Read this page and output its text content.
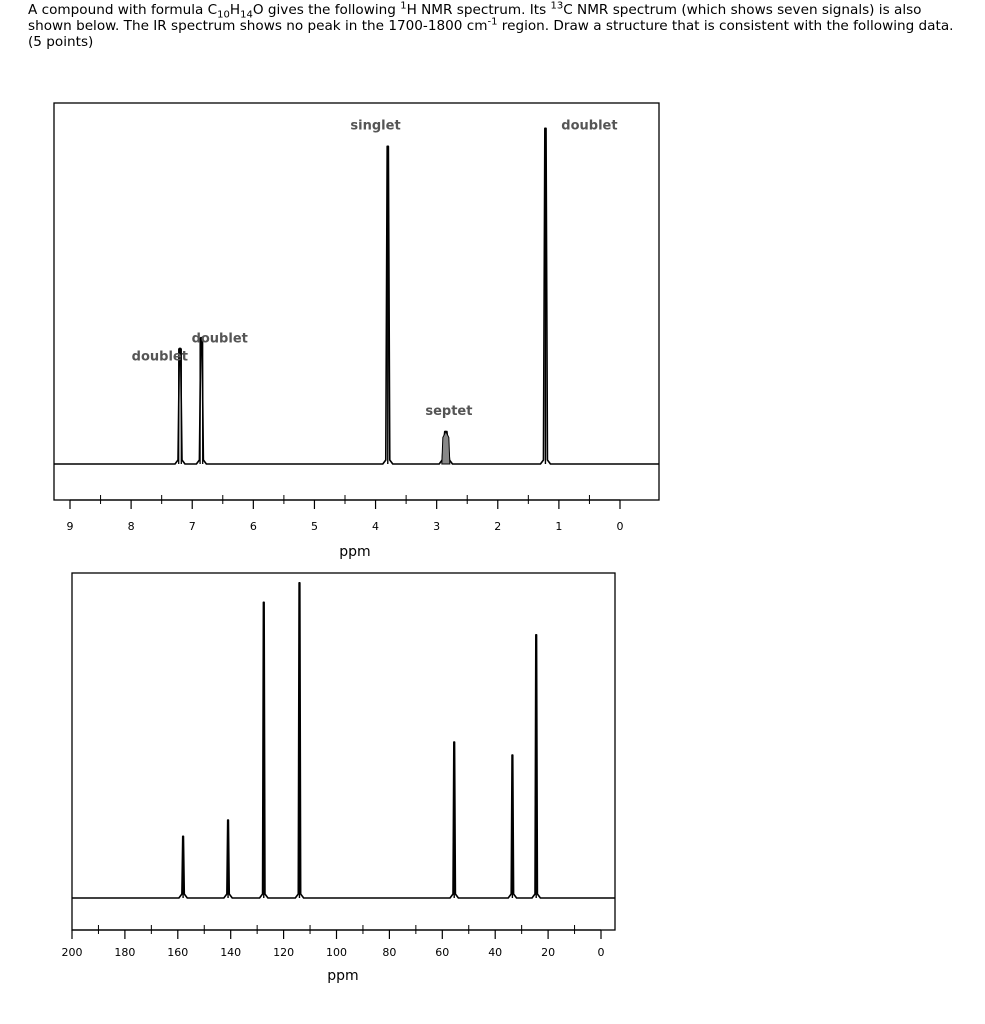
A compound with formula $C_{10}H_{14}O$ gives the following $^1$H NMR spectrum. Its $^{13}$C NMR spectrum (which shows seven signals) is also shown below. The IR spectrum shows no peak in the 1700-1800 $cm^{-1}$ region. Draw a structure that is consistent with the following data. (5 points)

doublet
doublet
singlet
septet
doublet
9	8	7	6	5	4	3	2	1	0
ppm
200	180	160	140	120	100	80	60	40	20	0
ppm
